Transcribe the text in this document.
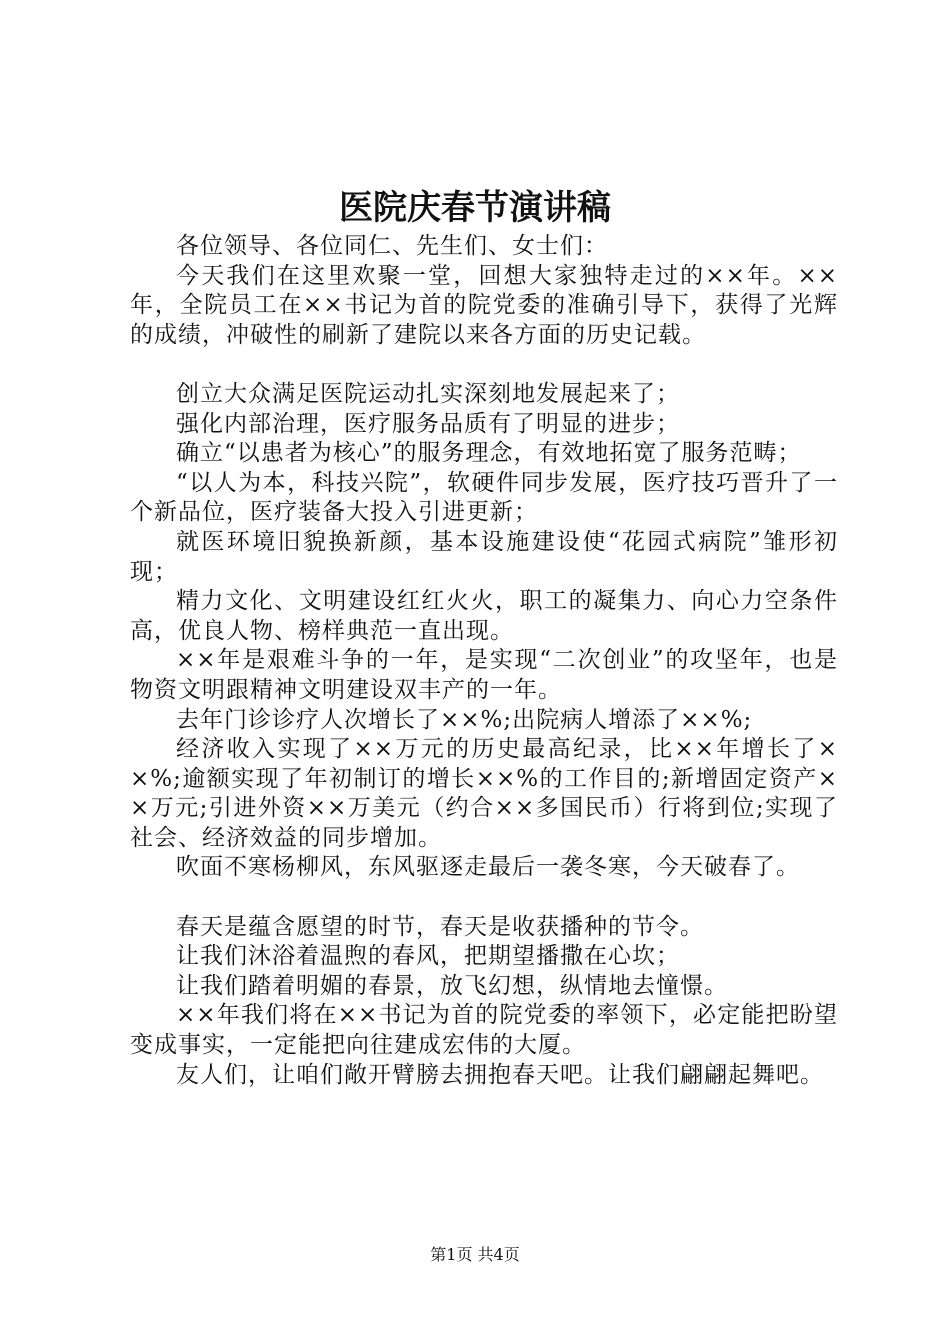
医院庆春节演讲稿

各位领导、各位同仁、先生们、女士们：

今天我们在这里欢聚一堂，回想大家独特走过的××年。××年，全院员工在××书记为首的院党委的准确引导下，获得了光辉的成绩，冲破性的刷新了建院以来各方面的历史记载。

创立大众满足医院运动扎实深刻地发展起来了；

强化内部治理，医疗服务品质有了明显的进步；

确立“以患者为核心”的服务理念，有效地拓宽了服务范畴；

“以人为本，科技兴院”，软硬件同步发展，医疗技巧晋升了一个新品位，医疗装备大投入引进更新；

就医环境旧貌换新颜，基本设施建设使“花园式病院”雏形初现；

精力文化、文明建设红红火火，职工的凝集力、向心力空条件高，优良人物、榜样典范一直出现。

××年是艰难斗争的一年，是实现“二次创业”的攻坚年，也是物资文明跟精神文明建设双丰产的一年。

去年门诊诊疗人次增长了××%;出院病人增添了××%;

经济收入实现了××万元的历史最高纪录，比××年增长了××%;逾额实现了年初制订的增长××%的工作目的;新增固定资产××万元;引进外资××万美元（约合××多国民币）行将到位;实现了社会、经济效益的同步增加。

吹面不寒杨柳风，东风驱逐走最后一袭冬寒，今天破春了。

春天是蕴含愿望的时节，春天是收获播种的节令。

让我们沐浴着温煦的春风，把期望播撒在心坎；

让我们踏着明媚的春景，放飞幻想，纵情地去憧憬。

××年我们将在××书记为首的院党委的率领下，必定能把盼望变成事实，一定能把向往建成宏伟的大厦。

友人们，让咱们敞开臂膀去拥抱春天吧。让我们翩翩起舞吧。

第1页 共4页
